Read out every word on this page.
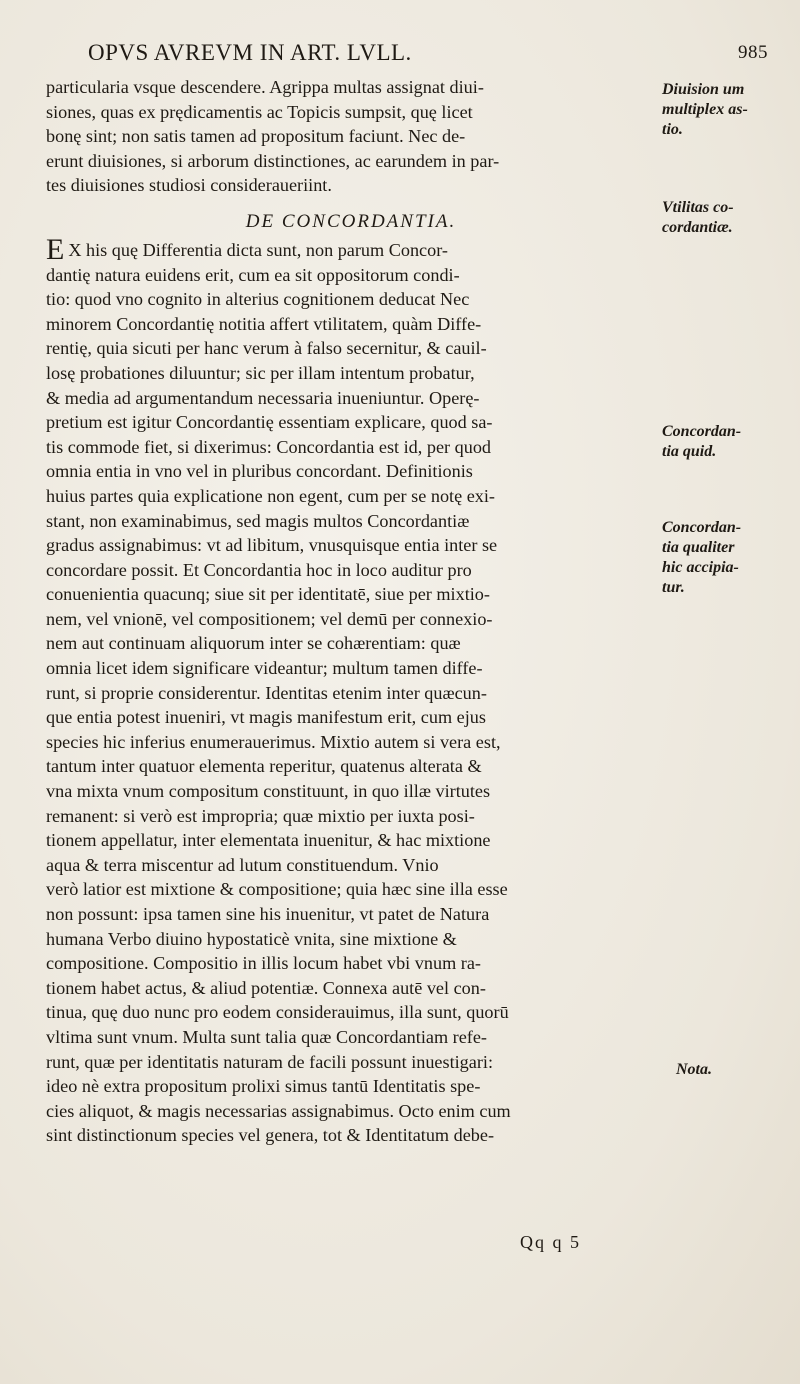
OPVS AVREVM IN ART. LVLL.	985
particularia vsque descendere. Agrippa multas assignat diui-
siones, quas ex prędicamentis ac Topicis sumpsit, quę licet
bonę sint; non satis tamen ad propositum faciunt. Nec de-
erunt diuisiones, si arborum distinctiones, ac earundem in par-
tes diuisiones studiosi consideraueriint.
DE CONCORDANTIA.
E X his quę Differentia dicta sunt, non parum Concor-
dantię natura euidens erit, cum ea sit oppositorum condi-
tio: quod vno cognito in alterius cognitionem deducat Nec
minorem Concordantię notitia affert vtilitatem, quàm Diffe-
rentię, quia sicuti per hanc verum à falso secernitur, & cauil-
losę probationes diluuntur; sic per illam intentum probatur,
& media ad argumentandum necessaria inueniuntur. Operę-
pretium est igitur Concordantię essentiam explicare, quod sa-
tis commode fiet, si dixerimus: Concordantia est id, per quod
omnia entia in vno vel in pluribus concordant. Definitionis
huius partes quia explicatione non egent, cum per se notę exi-
stant, non examinabimus, sed magis multos Concordantiæ
gradus assignabimus: vt ad libitum, vnusquisque entia inter se
concordare possit. Et Concordantia hoc in loco auditur pro
conuenientia quacunq; siue sit per identitatē, siue per mixtio-
nem, vel vnionē, vel compositionem; vel demū per connexio-
nem aut continuam aliquorum inter se cohærentiam: quæ
omnia licet idem significare videantur; multum tamen diffe-
runt, si proprie considerentur. Identitas etenim inter quæcun-
que entia potest inueniri, vt magis manifestum erit, cum ejus
species hic inferius enumerauerimus. Mixtio autem si vera est,
tantum inter quatuor elementa reperitur, quatenus alterata &
vna mixta vnum compositum constituunt, in quo illæ virtutes
remanent: si verò est impropria; quæ mixtio per iuxta posi-
tionem appellatur, inter elementata inuenitur, & hac mixtione
aqua & terra miscentur ad lutum constituendum. Vnio
verò latior est mixtione & compositione; quia hæc sine illa esse
non possunt: ipsa tamen sine his inuenitur, vt patet de Natura
humana Verbo diuino hypostaticè vnita, sine mixtione &
compositione. Compositio in illis locum habet vbi vnum ra-
tionem habet actus, & aliud potentiæ. Connexa autē vel con-
tinua, quę duo nunc pro eodem considerauimus, illa sunt, quorū
vltima sunt vnum. Multa sunt talia quæ Concordantiam refe-
runt, quæ per identitatis naturam de facili possunt inuestigari:
ideo nè extra propositum prolixi simus tantū Identitatis spe-
cies aliquot, & magis necessarias assignabimus. Octo enim cum
sint distinctionum species vel genera, tot & Identitatum debe-
Diuision um
multiplex as-
tio.
Vtilitas co-
cordantiæ.
Concordan-
tia quid.
Concordan-
tia qualiter
hic accipia-
tur.
Nota.
Qq q 5
